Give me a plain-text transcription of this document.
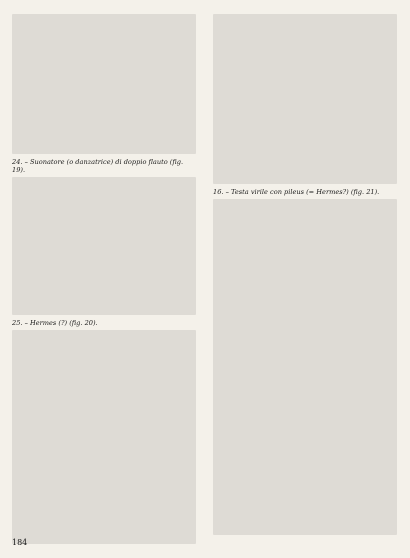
24. – Suonatore (o danzatrice) di doppio flauto (fig. 19).
25. – Hermes (?) (fig. 20).
16. – Testa virile con pileus (= Hermes?) (fig. 21).
184
